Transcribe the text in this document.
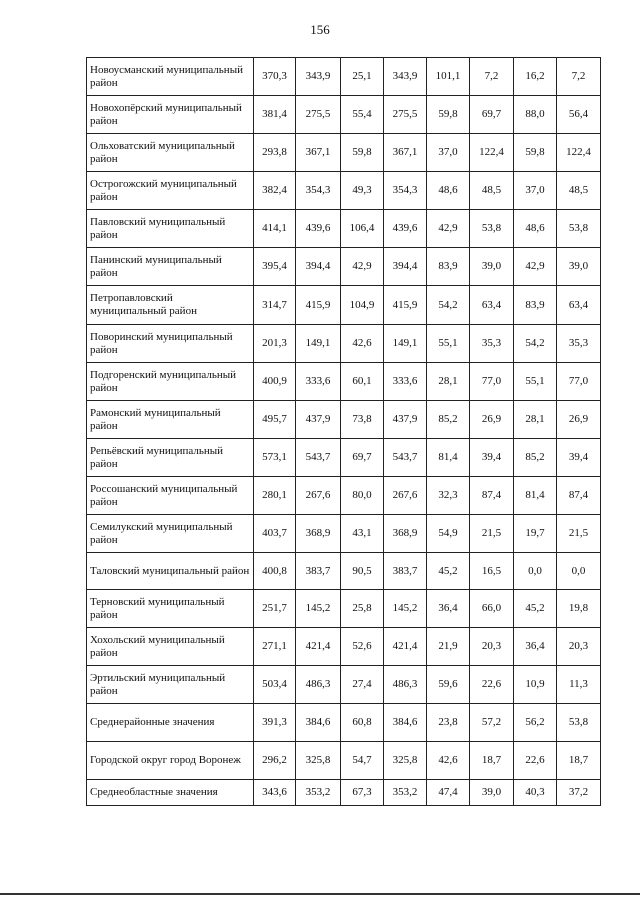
156
Новоусманский муниципальный район	370,3	343,9	25,1	343,9	101,1	7,2	16,2	7,2
Новохопёрский муниципальный район	381,4	275,5	55,4	275,5	59,8	69,7	88,0	56,4
Ольховатский муниципальный район	293,8	367,1	59,8	367,1	37,0	122,4	59,8	122,4
Острогожский муниципальный район	382,4	354,3	49,3	354,3	48,6	48,5	37,0	48,5
Павловский муниципальный район	414,1	439,6	106,4	439,6	42,9	53,8	48,6	53,8
Панинский муниципальный район	395,4	394,4	42,9	394,4	83,9	39,0	42,9	39,0
Петропавловский муниципальный район	314,7	415,9	104,9	415,9	54,2	63,4	83,9	63,4
Поворинский муниципальный район	201,3	149,1	42,6	149,1	55,1	35,3	54,2	35,3
Подгоренский муниципальный район	400,9	333,6	60,1	333,6	28,1	77,0	55,1	77,0
Рамонский муниципальный район	495,7	437,9	73,8	437,9	85,2	26,9	28,1	26,9
Репьёвский муниципальный район	573,1	543,7	69,7	543,7	81,4	39,4	85,2	39,4
Россошанский муниципальный район	280,1	267,6	80,0	267,6	32,3	87,4	81,4	87,4
Семилукский муниципальный район	403,7	368,9	43,1	368,9	54,9	21,5	19,7	21,5
Таловский муниципальный район	400,8	383,7	90,5	383,7	45,2	16,5	0,0	0,0
Терновский муниципальный район	251,7	145,2	25,8	145,2	36,4	66,0	45,2	19,8
Хохольский муниципальный район	271,1	421,4	52,6	421,4	21,9	20,3	36,4	20,3
Эртильский муниципальный район	503,4	486,3	27,4	486,3	59,6	22,6	10,9	11,3
Среднерайонные значения	391,3	384,6	60,8	384,6	23,8	57,2	56,2	53,8
Городской округ город Воронеж	296,2	325,8	54,7	325,8	42,6	18,7	22,6	18,7
Среднеобластные значения	343,6	353,2	67,3	353,2	47,4	39,0	40,3	37,2
